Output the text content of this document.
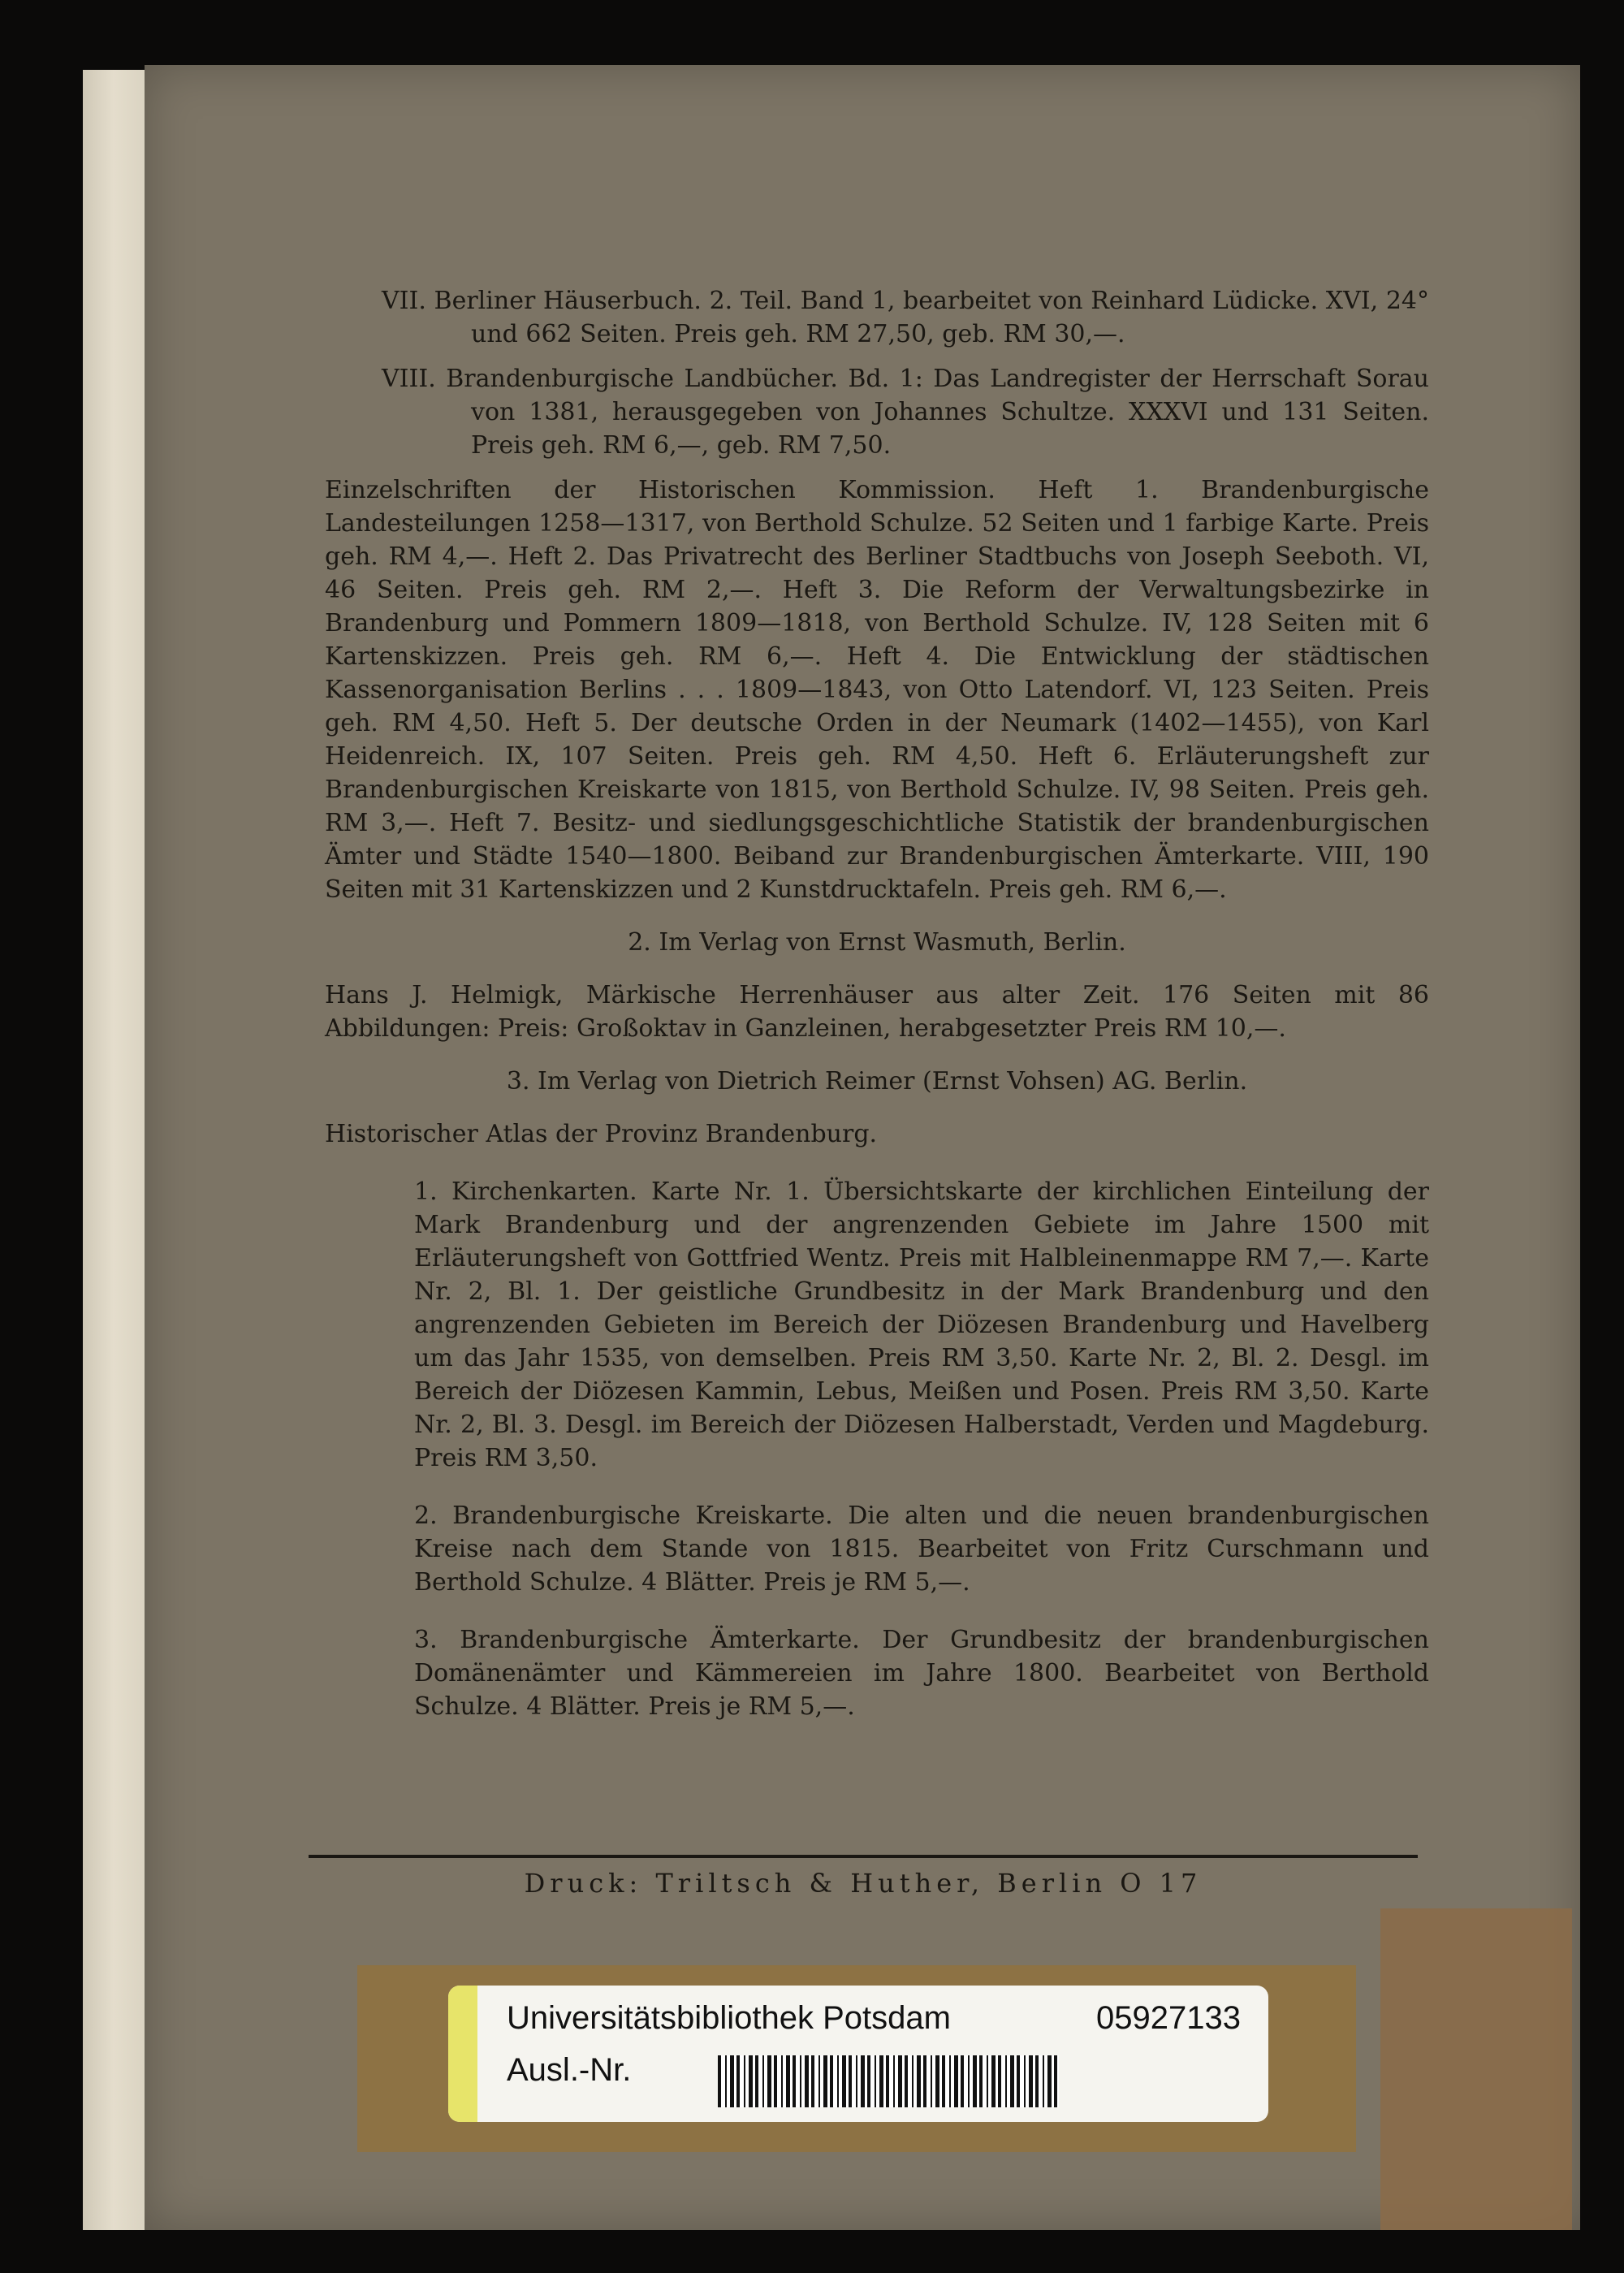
VII. Berliner Häuserbuch. 2. Teil. Band 1, bearbeitet von Reinhard Lüdicke. XVI, 24° und 662 Seiten. Preis geh. RM 27,50, geb. RM 30,—.

VIII. Brandenburgische Landbücher. Bd. 1: Das Landregister der Herrschaft Sorau von 1381, herausgegeben von Johannes Schultze. XXXVI und 131 Seiten. Preis geh. RM 6,—, geb. RM 7,50.

Einzelschriften der Historischen Kommission. Heft 1. Brandenburgische Landesteilungen 1258—1317, von Berthold Schulze. 52 Seiten und 1 farbige Karte. Preis geh. RM 4,—. Heft 2. Das Privatrecht des Berliner Stadtbuchs von Joseph Seeboth. VI, 46 Seiten. Preis geh. RM 2,—. Heft 3. Die Reform der Verwaltungsbezirke in Brandenburg und Pommern 1809—1818, von Berthold Schulze. IV, 128 Seiten mit 6 Kartenskizzen. Preis geh. RM 6,—. Heft 4. Die Entwicklung der städtischen Kassenorganisation Berlins . . . 1809—1843, von Otto Latendorf. VI, 123 Seiten. Preis geh. RM 4,50. Heft 5. Der deutsche Orden in der Neumark (1402—1455), von Karl Heidenreich. IX, 107 Seiten. Preis geh. RM 4,50. Heft 6. Erläuterungsheft zur Brandenburgischen Kreiskarte von 1815, von Berthold Schulze. IV, 98 Seiten. Preis geh. RM 3,—. Heft 7. Besitz- und siedlungsgeschichtliche Statistik der brandenburgischen Ämter und Städte 1540—1800. Beiband zur Brandenburgischen Ämterkarte. VIII, 190 Seiten mit 31 Kartenskizzen und 2 Kunstdrucktafeln. Preis geh. RM 6,—.

2. Im Verlag von Ernst Wasmuth, Berlin.

Hans J. Helmigk, Märkische Herrenhäuser aus alter Zeit. 176 Seiten mit 86 Abbildungen: Preis: Großoktav in Ganzleinen, herabgesetzter Preis RM 10,—.

3. Im Verlag von Dietrich Reimer (Ernst Vohsen) AG. Berlin.

Historischer Atlas der Provinz Brandenburg.

1. Kirchenkarten. Karte Nr. 1. Übersichtskarte der kirchlichen Einteilung der Mark Brandenburg und der angrenzenden Gebiete im Jahre 1500 mit Erläuterungsheft von Gottfried Wentz. Preis mit Halbleinenmappe RM 7,—. Karte Nr. 2, Bl. 1. Der geistliche Grundbesitz in der Mark Brandenburg und den angrenzenden Gebieten im Bereich der Diözesen Brandenburg und Havelberg um das Jahr 1535, von demselben. Preis RM 3,50. Karte Nr. 2, Bl. 2. Desgl. im Bereich der Diözesen Kammin, Lebus, Meißen und Posen. Preis RM 3,50. Karte Nr. 2, Bl. 3. Desgl. im Bereich der Diözesen Halberstadt, Verden und Magdeburg. Preis RM 3,50.

2. Brandenburgische Kreiskarte. Die alten und die neuen brandenburgischen Kreise nach dem Stande von 1815. Bearbeitet von Fritz Curschmann und Berthold Schulze. 4 Blätter. Preis je RM 5,—.

3. Brandenburgische Ämterkarte. Der Grundbesitz der brandenburgischen Domänenämter und Kämmereien im Jahre 1800. Bearbeitet von Berthold Schulze. 4 Blätter. Preis je RM 5,—.

Druck: Triltsch & Huther, Berlin O 17
Universitätsbibliothek Potsdam	05927133
Ausl.-Nr.
